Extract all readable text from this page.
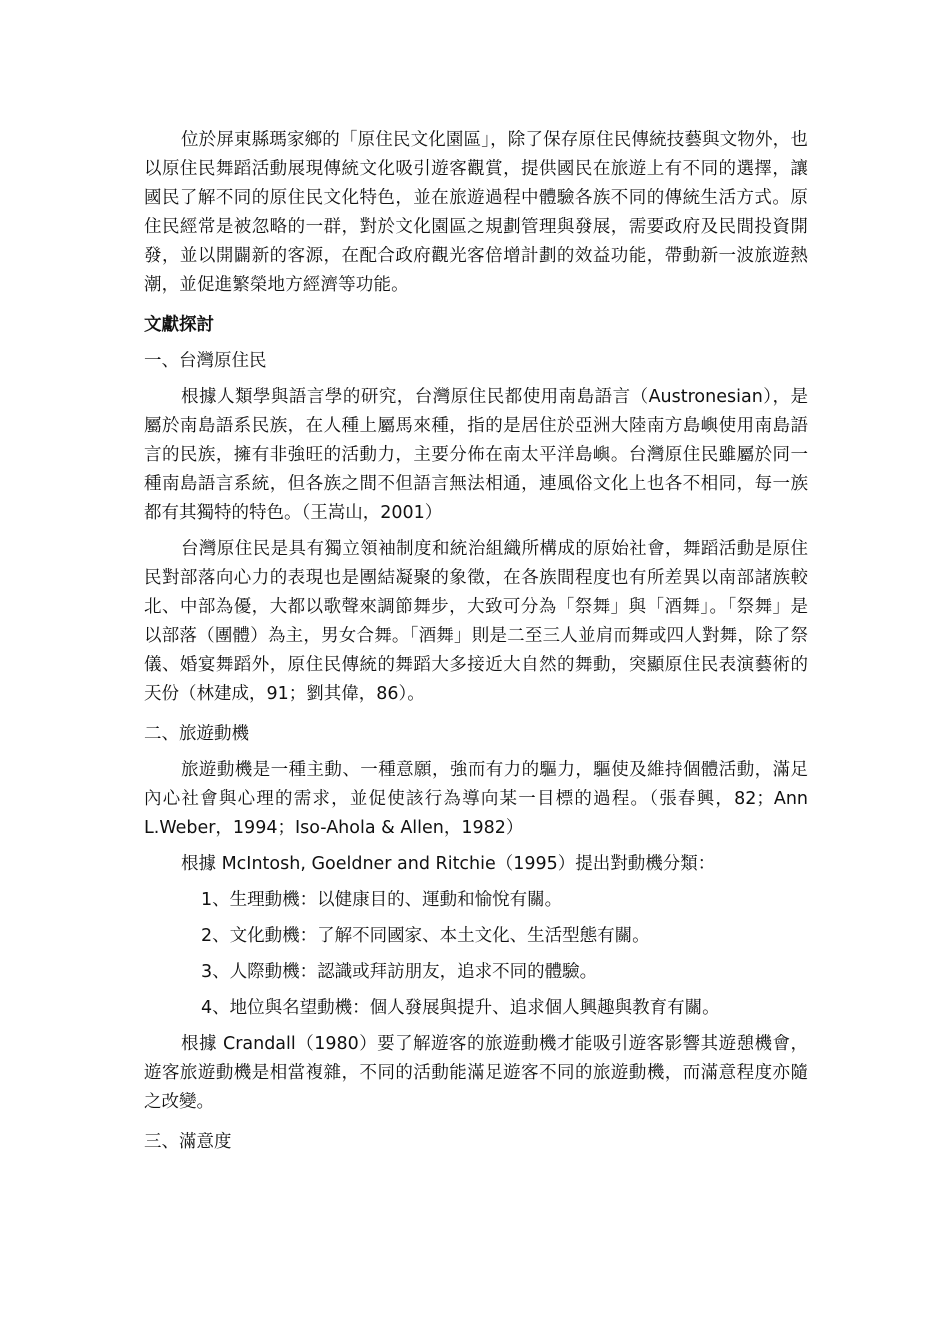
位於屏東縣瑪家鄉的「原住民文化園區」，除了保存原住民傳統技藝與文物外，也以原住民舞蹈活動展現傳統文化吸引遊客觀賞，提供國民在旅遊上有不同的選擇，讓國民了解不同的原住民文化特色，並在旅遊過程中體驗各族不同的傳統生活方式。原住民經常是被忽略的一群，對於文化園區之規劃管理與發展，需要政府及民間投資開發，並以開闢新的客源，在配合政府觀光客倍增計劃的效益功能，帶動新一波旅遊熱潮，並促進繁榮地方經濟等功能。

文獻探討

一、台灣原住民

根據人類學與語言學的研究，台灣原住民都使用南島語言（Austronesian），是屬於南島語系民族，在人種上屬馬來種，指的是居住於亞洲大陸南方島嶼使用南島語言的民族，擁有非強旺的活動力，主要分佈在南太平洋島嶼。台灣原住民雖屬於同一種南島語言系統，但各族之間不但語言無法相通，連風俗文化上也各不相同，每一族都有其獨特的特色。（王嵩山，2001）

台灣原住民是具有獨立領袖制度和統治組織所構成的原始社會，舞蹈活動是原住民對部落向心力的表現也是團結凝聚的象徵，在各族間程度也有所差異以南部諸族較北、中部為優，大都以歌聲來調節舞步，大致可分為「祭舞」與「酒舞」。「祭舞」是以部落（團體）為主，男女合舞。「酒舞」則是二至三人並肩而舞或四人對舞，除了祭儀、婚宴舞蹈外，原住民傳統的舞蹈大多接近大自然的舞動，突顯原住民表演藝術的天份（林建成，91；劉其偉，86）。

二、旅遊動機

旅遊動機是一種主動、一種意願，強而有力的驅力，驅使及維持個體活動，滿足內心社會與心理的需求，並促使該行為導向某一目標的過程。（張春興，82；Ann L.Weber，1994；Iso-Ahola & Allen，1982）

根據 McIntosh, Goeldner and Ritchie（1995）提出對動機分類：

1、生理動機：以健康目的、運動和愉悅有關。

2、文化動機：了解不同國家、本土文化、生活型態有關。

3、人際動機：認識或拜訪朋友，追求不同的體驗。

4、地位與名望動機：個人發展與提升、追求個人興趣與教育有關。

根據 Crandall（1980）要了解遊客的旅遊動機才能吸引遊客影響其遊憩機會，遊客旅遊動機是相當複雜，不同的活動能滿足遊客不同的旅遊動機，而滿意程度亦隨之改變。

三、滿意度
